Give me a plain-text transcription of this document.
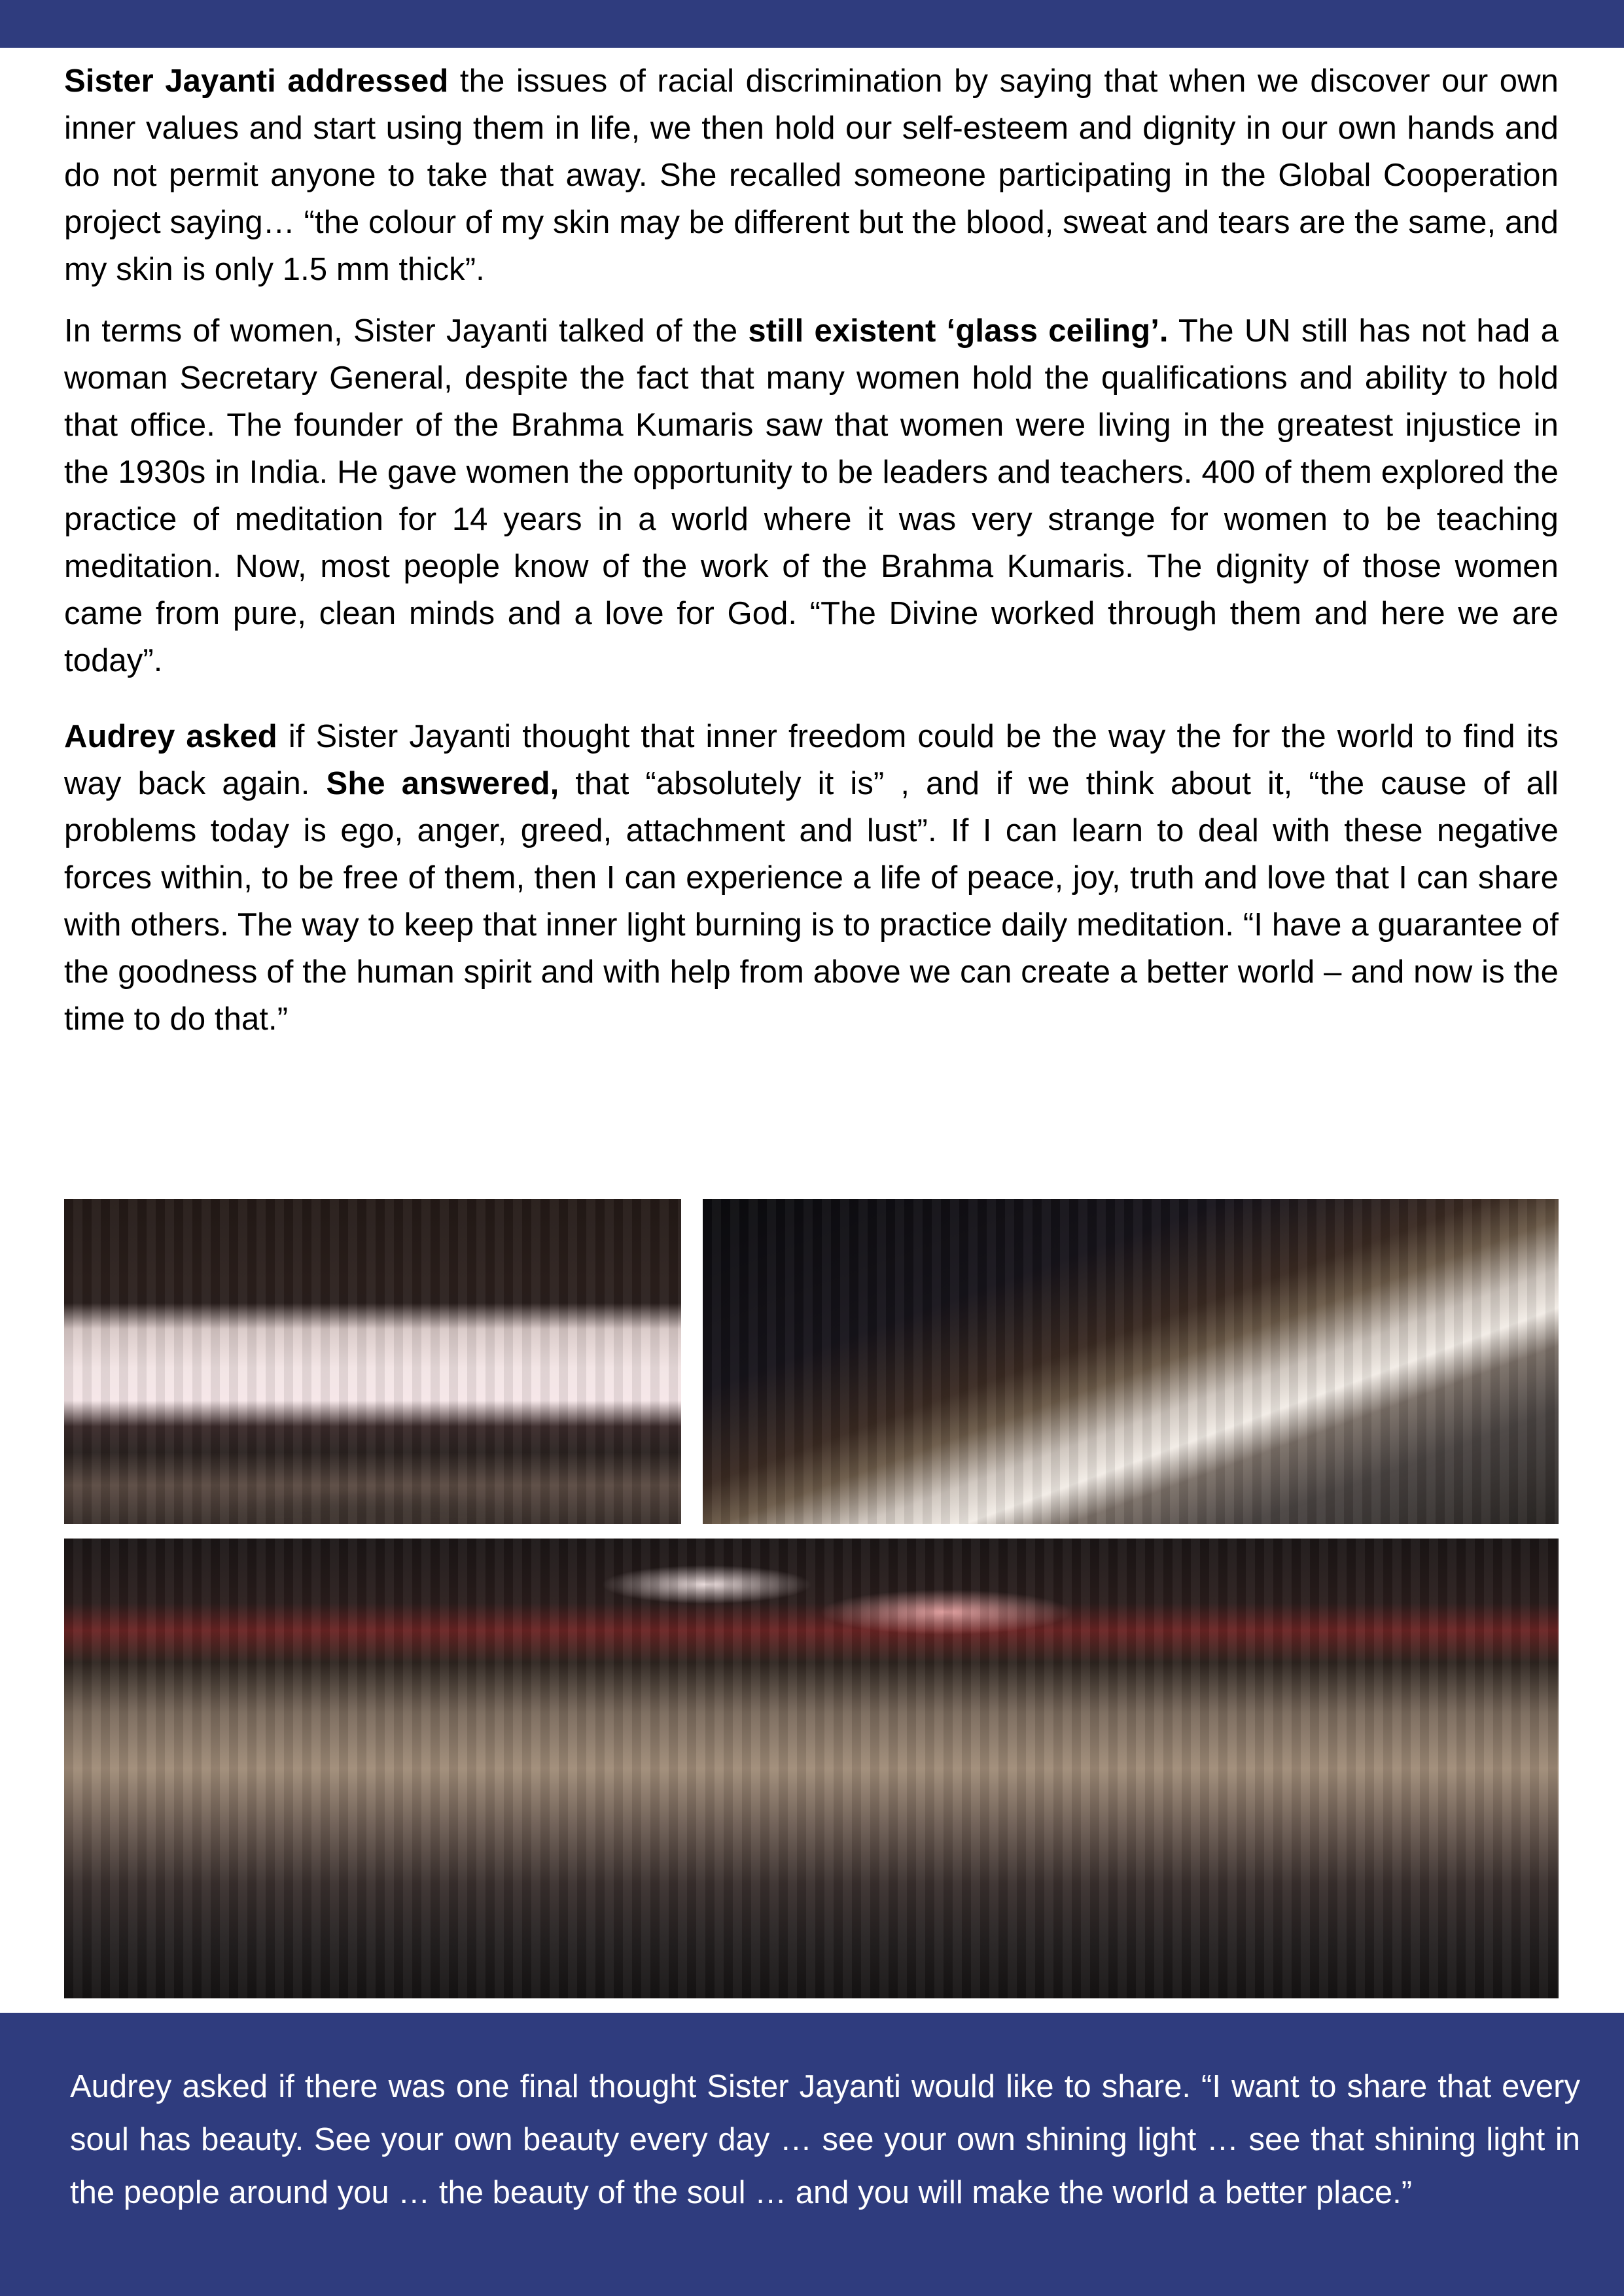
Sister Jayanti addressed the issues of racial discrimination by saying that when we discover our own inner values and start using them in life, we then hold our self-esteem and dignity in our own hands and do not permit anyone to take that away. She recalled someone participating in the Global Cooperation project saying… “the colour of my skin may be different but the blood, sweat and tears are the same, and my skin is only 1.5 mm thick”.

In terms of women, Sister Jayanti talked of the still existent ‘glass ceiling’. The UN still has not had a woman Secretary General, despite the fact that many women hold the qualifications and ability to hold that office. The founder of the Brahma Kumaris saw that women were living in the greatest injustice in the 1930s in India. He gave women the opportunity to be leaders and teachers. 400 of them explored the practice of meditation for 14 years in a world where it was very strange for women to be teaching meditation. Now, most people know of the work of the Brahma Kumaris. The dignity of those women came from pure, clean minds and a love for God. “The Divine worked through them and here we are today”.

Audrey asked if Sister Jayanti thought that inner freedom could be the way the for the world to find its way back again. She answered, that “absolutely it is” , and if we think about it, “the cause of all problems today is ego, anger, greed, attachment and lust”. If I can learn to deal with these negative forces within, to be free of them, then I can experience a life of peace, joy, truth and love that I can share with others. The way to keep that inner light burning is to practice daily meditation. “I have a guarantee of the goodness of the human spirit and with help from above we can create a better world – and now is the time to do that.”

Audrey asked if there was one final thought Sister Jayanti would like to share. “I want to share that every soul has beauty. See your own beauty every day … see your own shining light … see that shining light in the people around you … the beauty of the soul … and you will make the world a better place.”
